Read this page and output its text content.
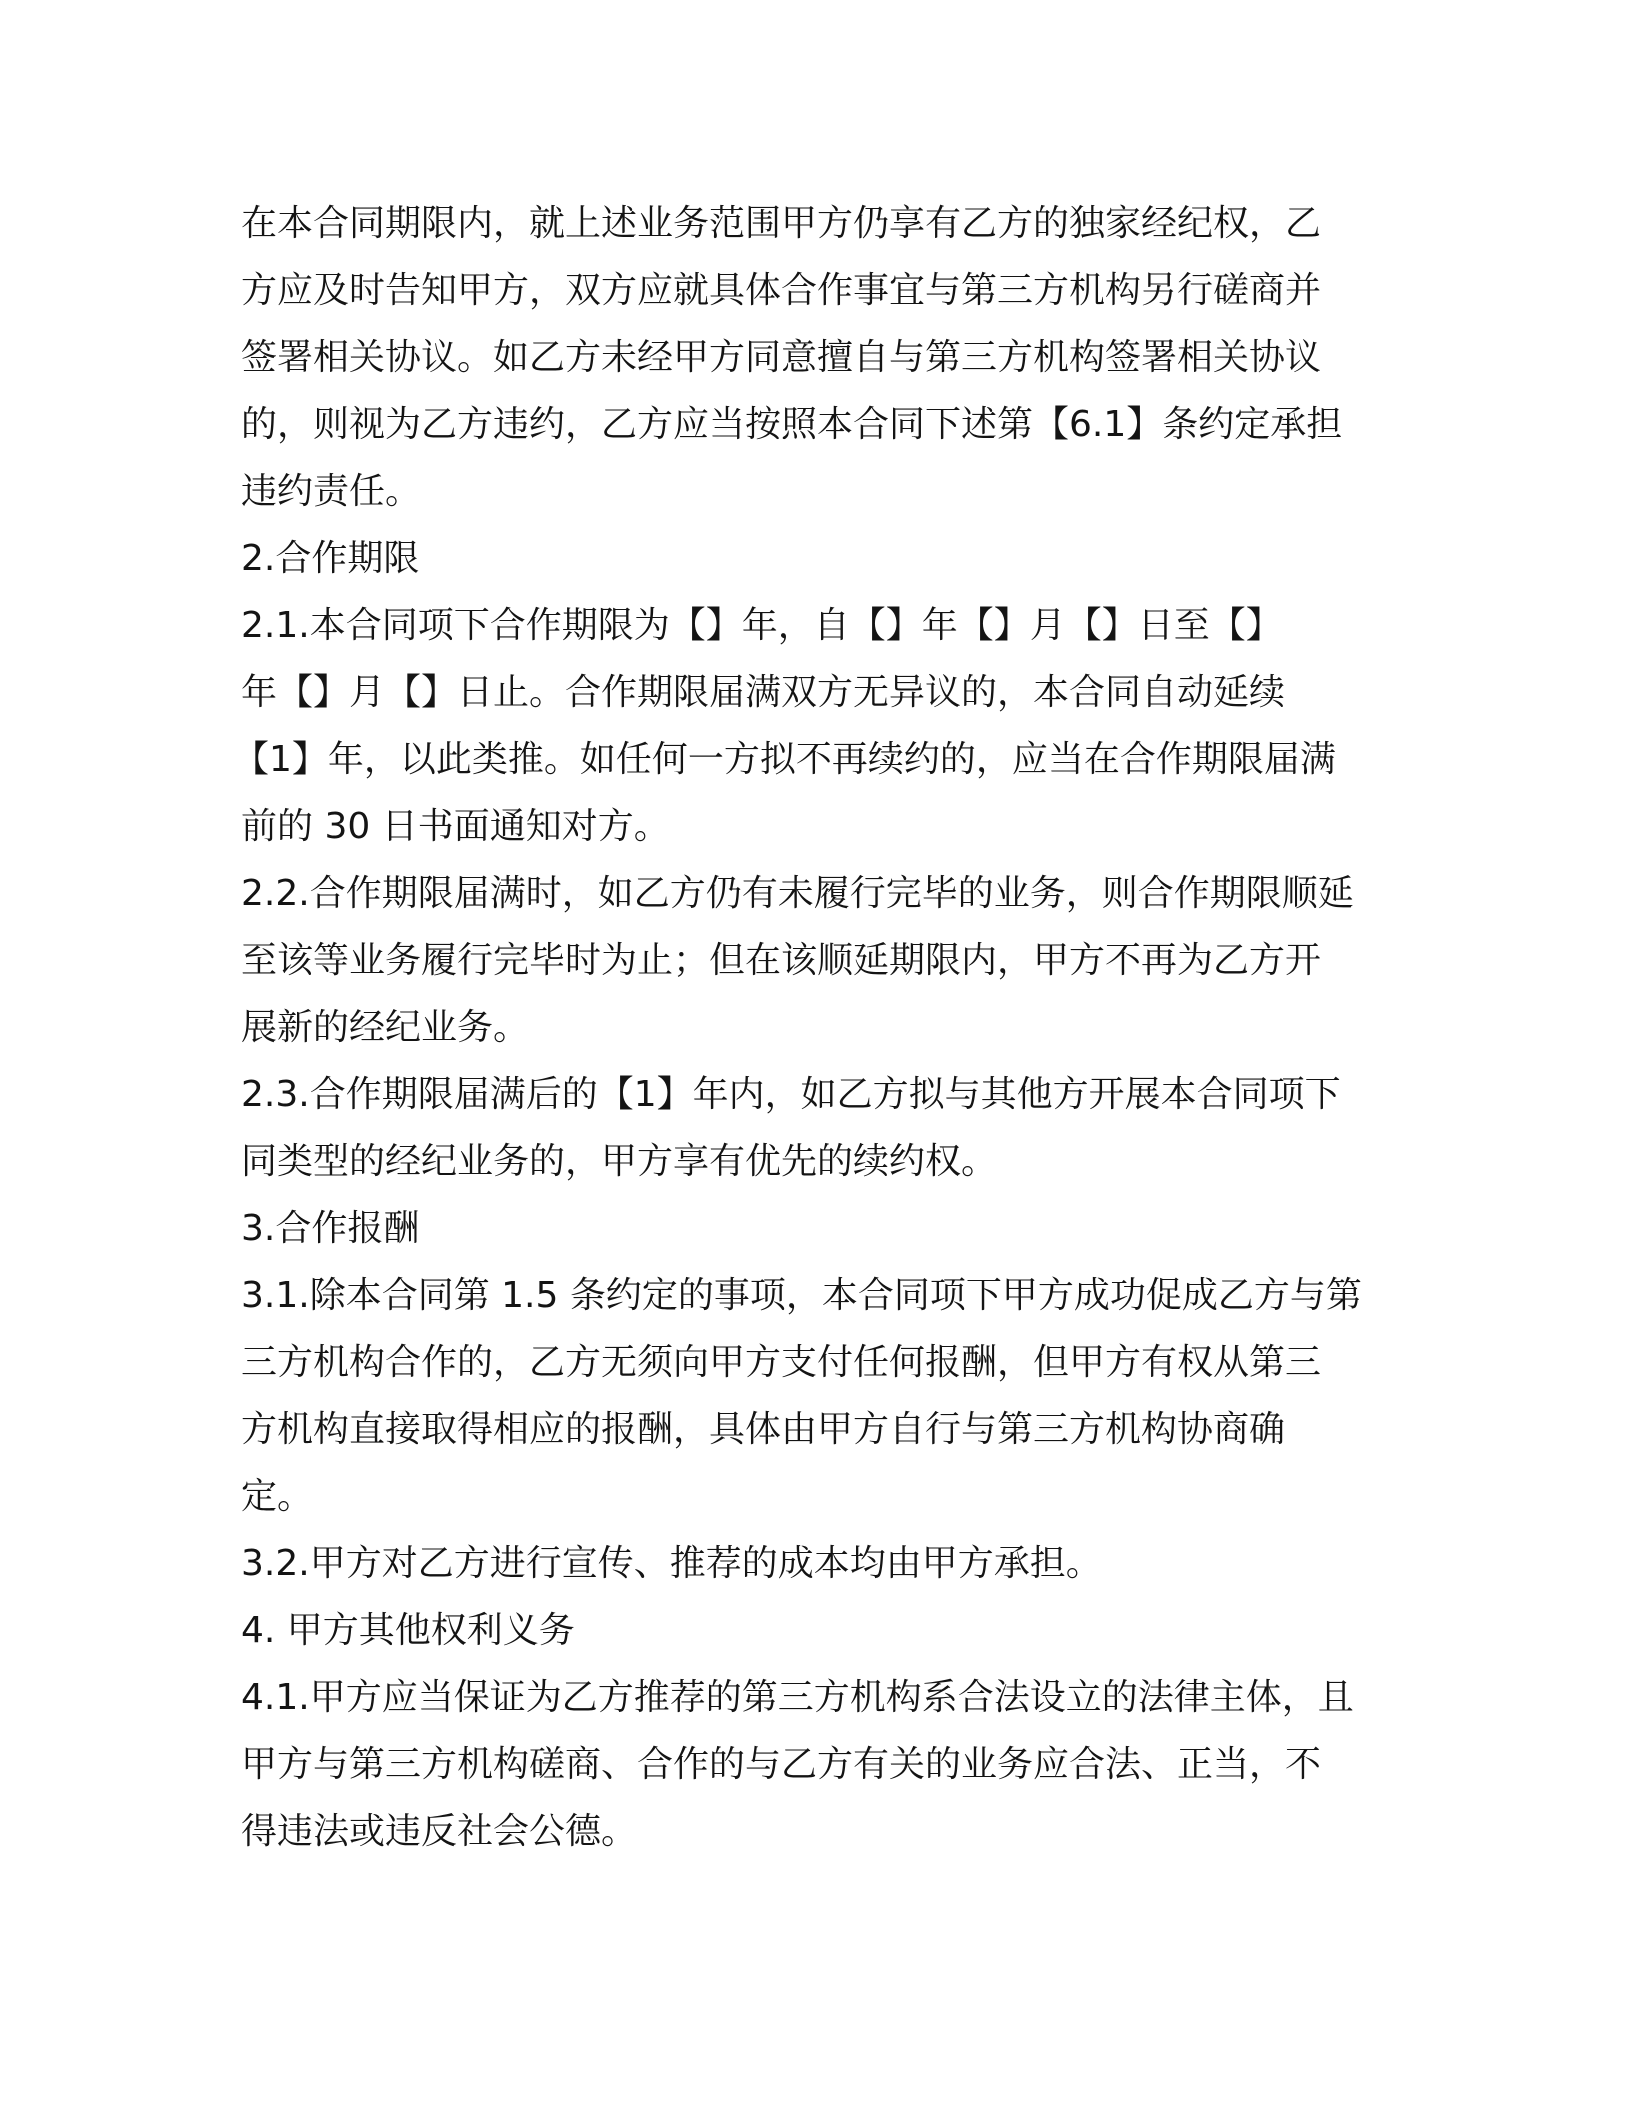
在本合同期限内，就上述业务范围甲方仍享有乙方的独家经纪权，乙
方应及时告知甲方，双方应就具体合作事宜与第三方机构另行磋商并
签署相关协议。如乙方未经甲方同意擅自与第三方机构签署相关协议
的，则视为乙方违约，乙方应当按照本合同下述第【6.1】条约定承担
违约责任。
2.合作期限
2.1.本合同项下合作期限为【】年，自【】年【】月【】日至【】
年【】月【】日止。合作期限届满双方无异议的，本合同自动延续
【1】年，以此类推。如任何一方拟不再续约的，应当在合作期限届满
前的 30 日书面通知对方。
2.2.合作期限届满时，如乙方仍有未履行完毕的业务，则合作期限顺延
至该等业务履行完毕时为止；但在该顺延期限内，甲方不再为乙方开
展新的经纪业务。
2.3.合作期限届满后的【1】年内，如乙方拟与其他方开展本合同项下
同类型的经纪业务的，甲方享有优先的续约权。
3.合作报酬
3.1.除本合同第 1.5 条约定的事项，本合同项下甲方成功促成乙方与第
三方机构合作的，乙方无须向甲方支付任何报酬，但甲方有权从第三
方机构直接取得相应的报酬，具体由甲方自行与第三方机构协商确
定。
3.2.甲方对乙方进行宣传、推荐的成本均由甲方承担。
4. 甲方其他权利义务
4.1.甲方应当保证为乙方推荐的第三方机构系合法设立的法律主体，且
甲方与第三方机构磋商、合作的与乙方有关的业务应合法、正当，不
得违法或违反社会公德。
